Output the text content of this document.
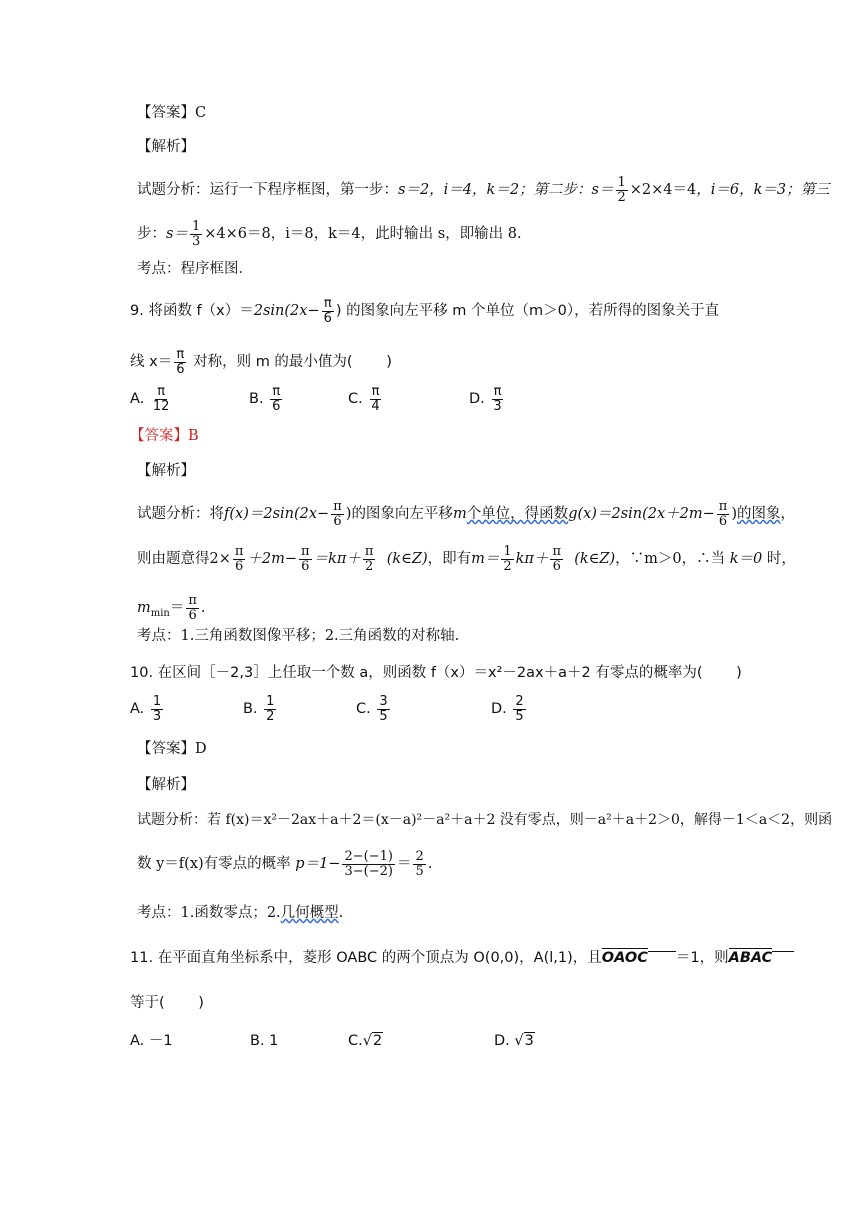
【答案】C
【解析】
试题分析：运行一下程序框图，第一步：s＝2，i＝4，k＝2；第二步：$s= \frac{1}{2} \times 2\times 4=4$，i＝6，k＝3；第三
步：$s= \frac{1}{3} \times 4\times 6=8$，i＝8，k＝4，此时输出 s，即输出 8.
考点：程序框图．
9. 将函数 $f(x)=2\sin(2x- \frac{\pi}{6}$ ) 的图象向左平移 m 个单位（m＞0），若所得的图象关于直
线 $x= \frac{\pi}{6}$ 对称，则 m 的最小值为(　　 )
A. $\frac{\pi}{12}$	B. $\frac{\pi}{6}$	C. $\frac{\pi}{4}$	D. $\frac{\pi}{3}$
【答案】B
【解析】
试题分析：将$f(x)=2\sin(2x- \frac{\pi}{6}$ )的图象向左平移m个单位，得函数$g(x)=2\sin(2x+2m- \frac{\pi}{6}$ )的图象，
则由题意得$2\times \frac{\pi}{6} +2m- \frac{\pi}{6} =k\pi+ \frac{\pi}{2}$ (k∈Z)，即有$m= \frac{1}{2} k\pi+ \frac{\pi}{6}$ (k∈Z)，∵m＞0，∴当 k＝0 时，
$m_{min}= \frac{\pi}{6}$ .
考点：1.三角函数图像平移；2.三角函数的对称轴.
10. 在区间［－2,3］上任取一个数 a，则函数 f（x）＝x²－2ax＋a＋2 有零点的概率为(　　 )
A. $\frac{1}{3}$	B. $\frac{1}{2}$	C. $\frac{3}{5}$	D. $\frac{2}{5}$
【答案】D
【解析】
试题分析：若 f(x)＝x²－2ax＋a＋2＝(x－a)²－a²＋a＋2 没有零点，则－a²＋a＋2＞0，解得－1＜a＜2，则函
数 y＝f(x)有零点的概率 $p=1- \frac{2-(-1)}{3-(-2)} = \frac{2}{5}$ .
考点：1.函数零点；2.几何概型.
11. 在平面直角坐标系中，菱形 OABC 的两个顶点为 O(0,0)，A(l,1)，且OAOC ＝1，则ABAC
等于(　　 )
A. －1	B. 1	C.√2	D. √3
